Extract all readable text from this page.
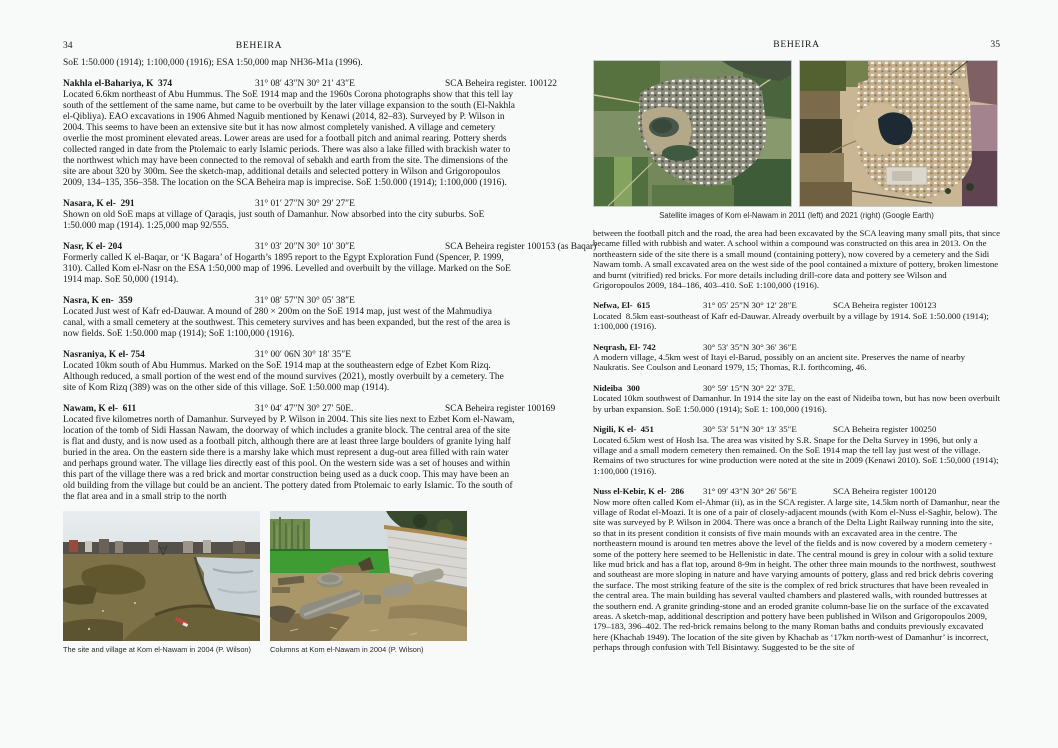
34	BEHEIRA

SoE 1:50.000 (1914); 1:100,000 (1916); ESA 1:50,000 map NH36-M1a (1996).

Nakhla el-Bahariya, K  374	31° 08′ 43″N 30° 21′ 43″E	SCA Beheira register. 100122

Located 6.6km northeast of Abu Hummus. The SoE 1914 map and the 1960s Corona photographs show that this tell lay south of the settlement of the same name, but came to be overbuilt by the later village expansion to the south (El-Nakhla el-Qibliya). EAO excavations in 1906 Ahmed Naguib mentioned by Kenawi (2014, 82–83). Surveyed by P. Wilson in 2004. This seems to have been an extensive site but it has now almost completely vanished. A village and cemetery overlie the most prominent elevated areas. Lower areas are used for a football pitch and animal rearing. Pottery sherds collected ranged in date from the Ptolemaic to early Islamic periods. There was also a lake filled with brackish water to the northwest which may have been connected to the removal of sebakh and earth from the site. The dimensions of the site are about 320 by 300m. See the sketch-map, additional details and selected pottery in Wilson and Grigoropoulos 2009, 134–135, 356–358. The location on the SCA Beheira map is imprecise. SoE 1:50.000 (1914); 1:100,000 (1916).

Nasara, K el-  291	31° 01′ 27″N 30° 29′ 27″E

Shown on old SoE maps at village of Qaraqis, just south of Damanhur. Now absorbed into the city suburbs. SoE 1:50.000 map (1914). 1:25,000 map 92/555.

Nasr, K el- 204	31° 03′ 20″N 30° 10′ 30″E	SCA Beheira register 100153 (as Baqar)

Formerly called K el-Baqar, or ‘K Bagara’ of Hogarth’s 1895 report to the Egypt Exploration Fund (Spencer, P. 1999, 310). Called Kom el-Nasr on the ESA 1:50,000 map of 1996. Levelled and overbuilt by the village. Marked on the SoE 1914 map. SoE 50,000 (1914).

Nasra, K en-  359	31° 08′ 57″N 30° 05′ 38″E

Located Just west of Kafr ed-Dauwar. A mound of 280 × 200m on the SoE 1914 map, just west of the Mahmudiya canal, with a small cemetery at the southwest. This cemetery survives and has been expanded, but the rest of the area is now fields. SoE 1:50.000 map (1914); SoE 1:100,000 (1916).

Nasraniya, K el- 754	31° 00′ 06N 30° 18′ 35″E

Located 10km south of Abu Hummus. Marked on the SoE 1914 map at the southeastern edge of Ezbet Kom Rizq. Although reduced, a small portion of the west end of the mound survives (2021), mostly overbuilt by a cemetery. The site of Kom Rizq (389) was on the other side of this village. SoE 1:50.000 map (1914).

Nawam, K el-  611	31° 04′ 47″N 30° 27′ 50E.	SCA Beheira register 100169

Located five kilometres north of Damanhur. Surveyed by P. Wilson in 2004. This site lies next to Ezbet Kom el-Nawam, location of the tomb of Sidi Hassan Nawam, the doorway of which includes a granite block. The central area of the site is flat and dusty, and is now used as a football pitch, although there are at least three large boulders of granite lying half buried in the area. On the eastern side there is a marshy lake which must represent a dug-out area filled with rain water and perhaps ground water. The village lies directly east of this pool. On the western side was a set of houses and within this part of the village there was a red brick and mortar construction being used as a duck coop. This may have been an old building from the village but could be an ancient. The pottery dated from Ptolemaic to early Islamic. To the south of the flat area and in a small strip to the north

The site and village at Kom el-Nawam in 2004 (P. Wilson)	Columns at Kom el-Nawam in 2004 (P. Wilson)
BEHEIRA	35
Satellite images of Kom el-Nawam in 2011 (left) and 2021 (right) (Google Earth)

between the football pitch and the road, the area had been excavated by the SCA leaving many small pits, that since became filled with rubbish and water. A school within a compound was constructed on this area in 2013. On the northeastern side of the site there is a small mound (containing pottery), now covered by a cemetery and the Sidi Nawam tomb. A small excavated area on the west side of the pool contained a mixture of pottery, broken limestone and burnt (vitrified) red bricks. For more details including drill-core data and pottery see Wilson and Grigoropoulos 2009, 184–186, 403–410. SoE 1:100,000 (1916).

Nefwa, El-  615	31° 05′ 25″N 30° 12′ 28″E	SCA Beheira register 100123

Located  8.5km east-southeast of Kafr ed-Dauwar. Already overbuilt by a village by 1914. SoE 1:50.000 (1914); 1:100,000 (1916).

Neqrash, El- 742	30° 53′ 35″N 30° 36′ 36″E

A modern village, 4.5km west of Itayi el-Barud, possibly on an ancient site. Preserves the name of nearby Naukratis. See Coulson and Leonard 1979, 15; Thomas, R.I. forthcoming, 46.

Nideiba  300	30° 59′ 15″N 30° 22′ 37E.

Located 10km southwest of Damanhur. In 1914 the site lay on the east of Nideiba town, but has now been overbuilt by urban expansion. SoE 1:50.000 (1914); SoE 1: 100,000 (1916).

Nigili, K el-  451	30° 53′ 51″N 30° 13′ 35″E	SCA Beheira register 100250

Located 6.5km west of Hosh Isa. The area was visited by S.R. Snape for the Delta Survey in 1996, but only a village and a small modern cemetery then remained. On the SoE 1914 map the tell lay just west of the village. Remains of two structures for wine production were noted at the site in 2009 (Kenawi 2010). SoE 1:50,000 (1914); 1:100,000 (1916).

Nuss el-Kebir, K el-  286	31° 09′ 43″N 30° 26′ 56″E	SCA Beheira register 100120

Now more often called Kom el-Ahmar (ii), as in the SCA register. A large site, 14.5km north of Damanhur, near the village of Rodat el-Moazi. It is one of a pair of closely-adjacent mounds (with Kom el-Nuss el-Saghir, below). The site was surveyed by P. Wilson in 2004. There was once a branch of the Delta Light Railway running into the site, so that in its present condition it consists of five main mounds with an excavated area in the centre. The northeastern mound is around ten metres above the level of the fields and is now covered by a modern cemetery - some of the pottery here seemed to be Hellenistic in date. The central mound is grey in colour with a solid texture like mud brick and has a flat top, around 8-9m in height. The other three main mounds to the northwest, southwest and southeast are more sloping in nature and have varying amounts of pottery, glass and red brick debris covering the surface. The most striking feature of the site is the complex of red brick structures that have been revealed in the central area. The main building has several vaulted chambers and plastered walls, with rounded buttresses at the southern end. A granite grinding-stone and an eroded granite column-base lie on the surface of the excavated areas. A sketch-map, additional description and pottery have been published in Wilson and Grigoropoulos 2009, 179–183, 396–402. The red-brick remains belong to the many Roman baths and conduits previously excavated here (Khachab 1949). The location of the site given by Khachab as ‘17km north-west of Damanhur’ is incorrect, perhaps through confusion with Tell Bisintawy. Suggested to be the site of
